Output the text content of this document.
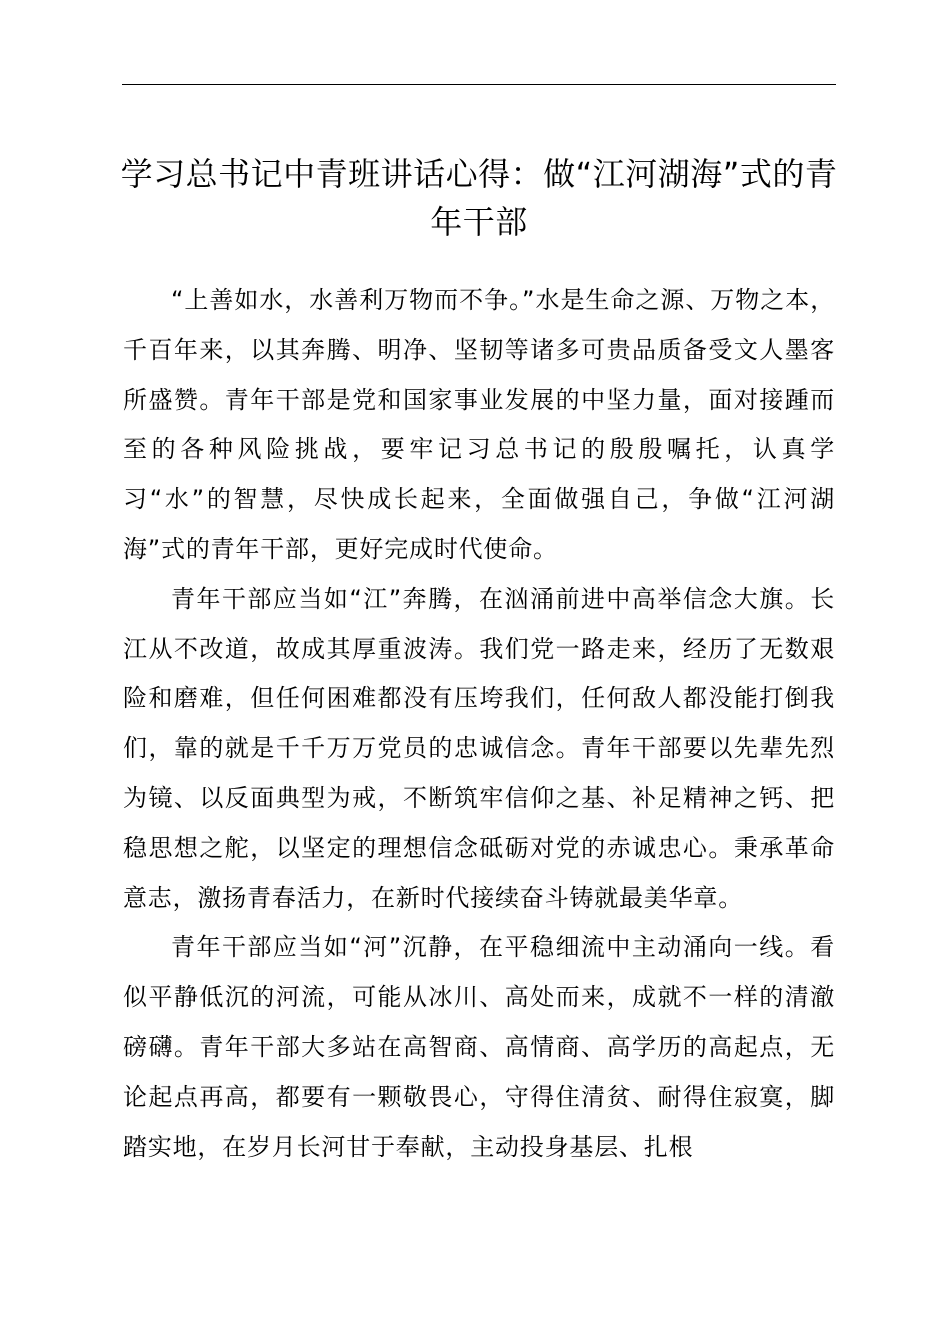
学习总书记中青班讲话心得：做“江河湖海”式的青年干部

“上善如水，水善利万物而不争。”水是生命之源、万物之本，千百年来，以其奔腾、明净、坚韧等诸多可贵品质备受文人墨客所盛赞。青年干部是党和国家事业发展的中坚力量，面对接踵而至的各种风险挑战，要牢记习总书记的殷殷嘱托，认真学习“水”的智慧，尽快成长起来，全面做强自己，争做“江河湖海”式的青年干部，更好完成时代使命。

青年干部应当如“江”奔腾，在汹涌前进中高举信念大旗。长江从不改道，故成其厚重波涛。我们党一路走来，经历了无数艰险和磨难，但任何困难都没有压垮我们，任何敌人都没能打倒我们，靠的就是千千万万党员的忠诚信念。青年干部要以先辈先烈为镜、以反面典型为戒，不断筑牢信仰之基、补足精神之钙、把稳思想之舵，以坚定的理想信念砥砺对党的赤诚忠心。秉承革命意志，激扬青春活力，在新时代接续奋斗铸就最美华章。

青年干部应当如“河”沉静，在平稳细流中主动涌向一线。看似平静低沉的河流，可能从冰川、高处而来，成就不一样的清澈磅礴。青年干部大多站在高智商、高情商、高学历的高起点，无论起点再高，都要有一颗敬畏心，守得住清贫、耐得住寂寞，脚踏实地，在岁月长河甘于奉献，主动投身基层、扎根
